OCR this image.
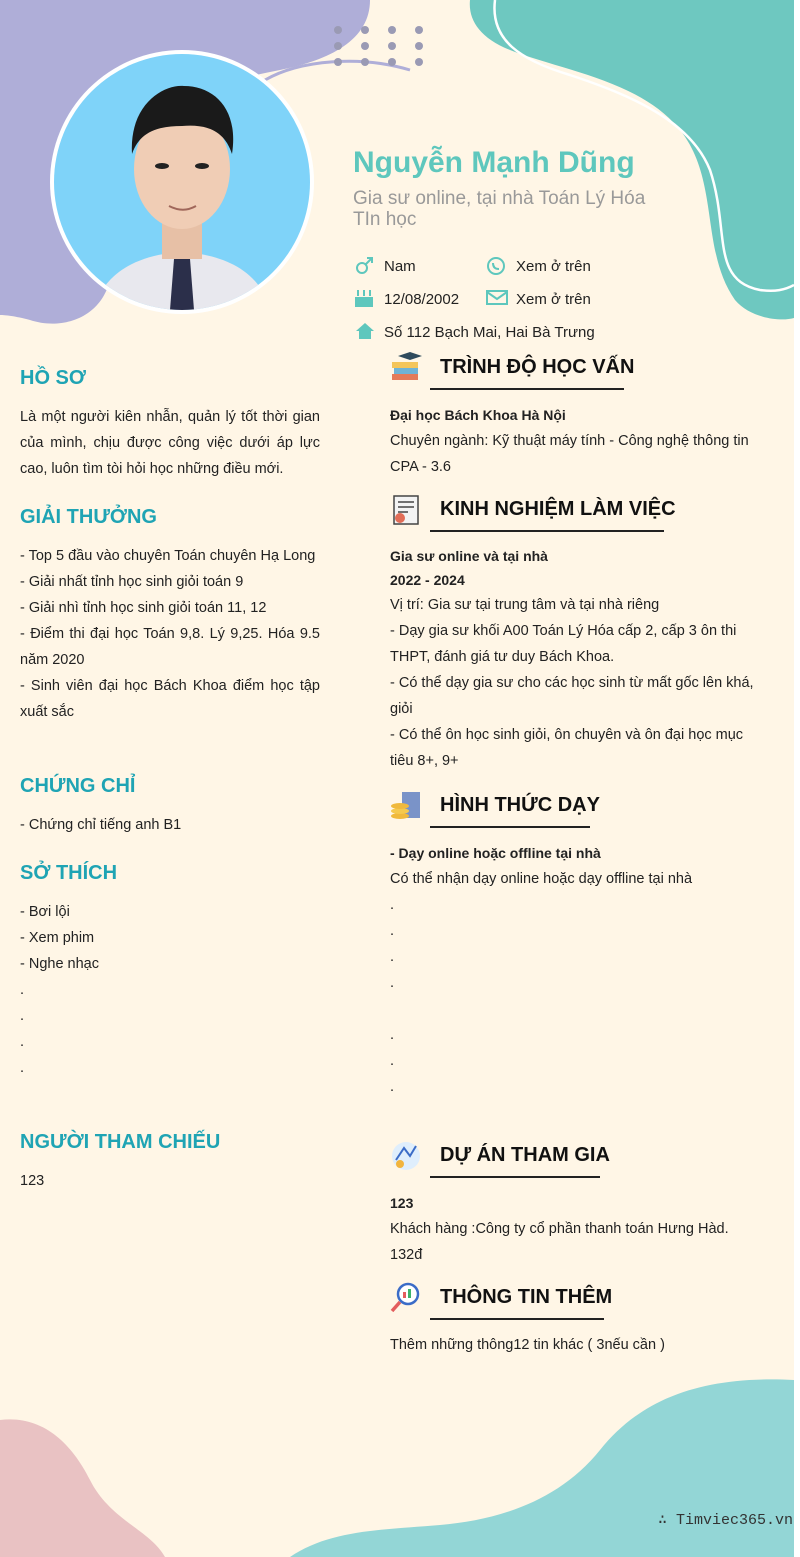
Nguyễn Mạnh Dũng
Gia sư online, tại nhà Toán Lý Hóa TIn học
Nam	Xem ở trên
12/08/2002	Xem ở trên
Số 112 Bạch Mai, Hai Bà Trưng
HỒ SƠ
Là một người kiên nhẫn, quản lý tốt thời gian của mình, chịu được công việc dưới áp lực cao, luôn tìm tòi hỏi học những điều mới.
GIẢI THƯỞNG
- Top 5 đầu vào chuyên Toán chuyên Hạ Long
- Giải nhất tỉnh học sinh giỏi toán 9
- Giải nhì tỉnh học sinh giỏi toán 11, 12
- Điểm thi đại học Toán 9,8. Lý 9,25. Hóa 9.5 năm 2020
- Sinh viên đại học Bách Khoa điểm học tập xuất sắc
CHỨNG CHỈ
- Chứng chỉ tiếng anh B1
SỞ THÍCH
- Bơi lội
- Xem phim
- Nghe nhạc
.
.
.
.
NGƯỜI THAM CHIẾU
123
TRÌNH ĐỘ HỌC VẤN
Đại học Bách Khoa Hà Nội
Chuyên ngành: Kỹ thuật máy tính - Công nghệ thông tin
CPA - 3.6
KINH NGHIỆM LÀM VIỆC
Gia sư online và tại nhà
2022 - 2024
Vị trí: Gia sư tại trung tâm và tại nhà riêng
- Dạy gia sư khối A00 Toán Lý Hóa cấp 2, cấp 3 ôn thi THPT, đánh giá tư duy Bách Khoa.
- Có thể dạy gia sư cho các học sinh từ mất gốc lên khá, giỏi
- Có thể ôn học sinh giỏi, ôn chuyên và ôn đại học mục tiêu 8+, 9+
HÌNH THỨC DẠY
- Dạy online hoặc offline tại nhà
Có thể nhận dạy online hoặc dạy offline tại nhà
.
.
.
.
.
.
.
DỰ ÁN THAM GIA
123
Khách hàng :Công ty cổ phần thanh toán Hưng Hàd.
132đ
THÔNG TIN THÊM
Thêm những thông12 tin khác ( 3nếu cần )
∴ Timviec365.vn
